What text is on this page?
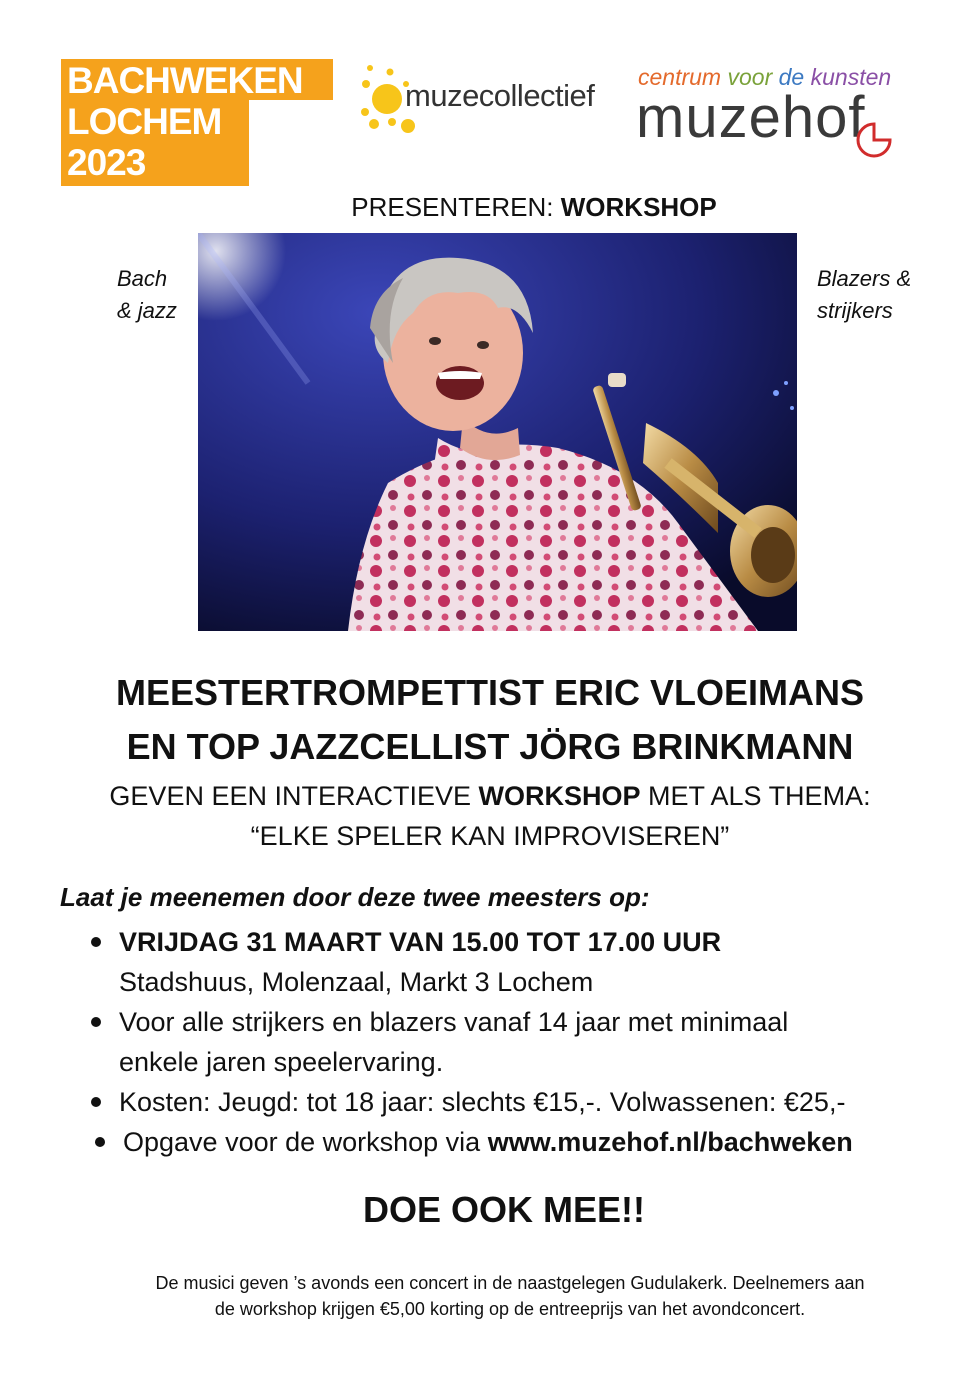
BACHWEKEN
LOCHEM
2023
muzecollectief
centrum voor de kunsten
muzehof
PRESENTEREN: WORKSHOP
Bach
& jazz
Blazers &
strijkers
MEESTERTROMPETTIST ERIC VLOEIMANS
EN TOP JAZZCELLIST JÖRG BRINKMANN
GEVEN EEN INTERACTIEVE WORKSHOP MET ALS THEMA:
“ELKE SPELER KAN IMPROVISEREN”
Laat je meenemen door deze twee meesters op:
VRIJDAG 31 MAART VAN 15.00 TOT 17.00 UUR
Stadshuus, Molenzaal, Markt 3 Lochem
Voor alle strijkers en blazers vanaf 14 jaar met minimaal
enkele jaren speelervaring.
Kosten: Jeugd: tot 18 jaar: slechts €15,-. Volwassenen: €25,-
Opgave voor de workshop via www.muzehof.nl/bachweken
DOE OOK MEE!!
De musici geven ’s avonds een concert in de naastgelegen Gudulakerk. Deelnemers aan
de workshop krijgen €5,00 korting op de entreeprijs van het avondconcert.
